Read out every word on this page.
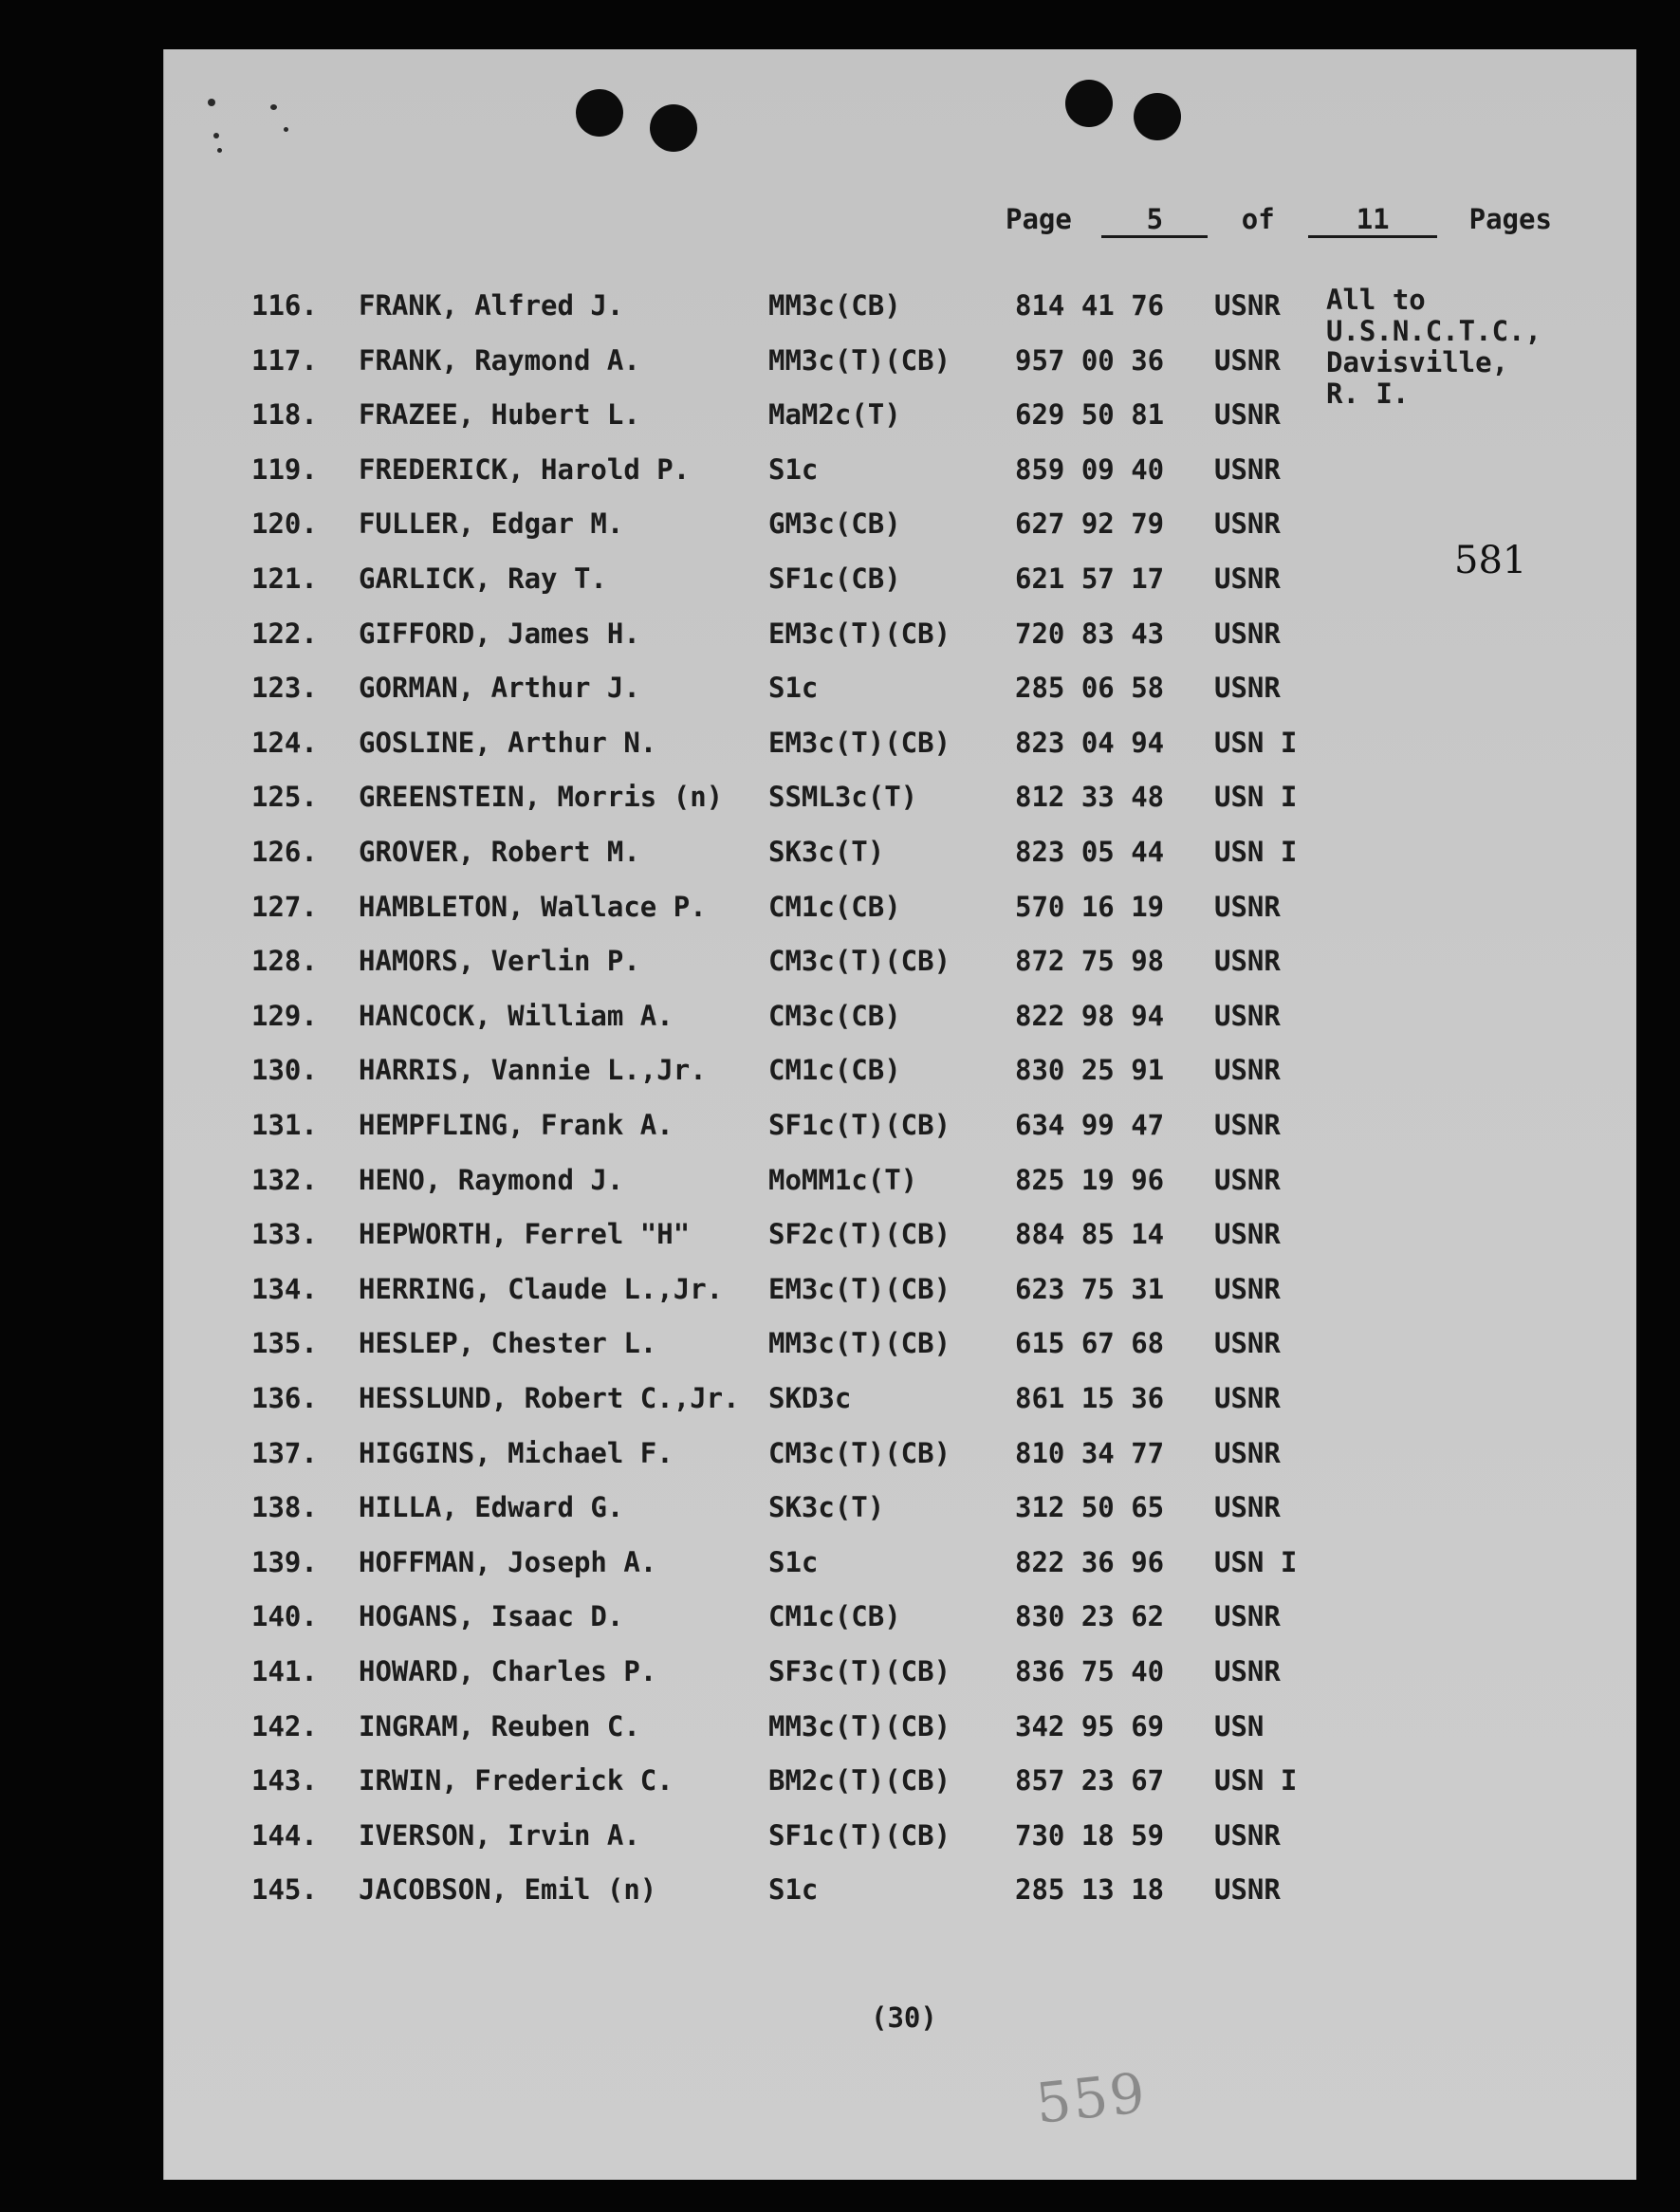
Page	5	of	11	Pages
116. FRANK, Alfred J.	MM3c(CB)	814 41 76 USNR
117. FRANK, Raymond A.	MM3c(T)(CB) 957 00 36 USNR
118. FRAZEE, Hubert L.	MaM2c(T)	629 50 81 USNR
119. FREDERICK, Harold P.	S1c	859 09 40 USNR
120. FULLER, Edgar M.	GM3c(CB)	627 92 79 USNR
121. GARLICK, Ray T.	SF1c(CB)	621 57 17 USNR
122. GIFFORD, James H.	EM3c(T)(CB) 720 83 43 USNR
123. GORMAN, Arthur J.	S1c	285 06 58 USNR
124. GOSLINE, Arthur N.	EM3c(T)(CB) 823 04 94 USN I
125. GREENSTEIN, Morris (n) SSML3c(T)	812 33 48 USN I
126. GROVER, Robert M.	SK3c(T)	823 05 44 USN I
127. HAMBLETON, Wallace P. CM1c(CB)	570 16 19 USNR
128. HAMORS, Verlin P.	CM3c(T)(CB) 872 75 98 USNR
129. HANCOCK, William A.	CM3c(CB)	822 98 94 USNR
130. HARRIS, Vannie L.,Jr. CM1c(CB)	830 25 91 USNR
131. HEMPFLING, Frank A.	SF1c(T)(CB) 634 99 47 USNR
132. HENO, Raymond J.	MoMM1c(T)	825 19 96 USNR
133. HEPWORTH, Ferrel "H"	SF2c(T)(CB) 884 85 14 USNR
134. HERRING, Claude L.,Jr. EM3c(T)(CB) 623 75 31 USNR
135. HESLEP, Chester L.	MM3c(T)(CB) 615 67 68 USNR
136. HESSLUND, Robert C.,Jr. SKD3c	861 15 36 USNR
137. HIGGINS, Michael F.	CM3c(T)(CB) 810 34 77 USNR
138. HILLA, Edward G.	SK3c(T)	312 50 65 USNR
139. HOFFMAN, Joseph A.	S1c	822 36 96 USN I
140. HOGANS, Isaac D.	CM1c(CB)	830 23 62 USNR
141. HOWARD, Charles P.	SF3c(T)(CB) 836 75 40 USNR
142. INGRAM, Reuben C.	MM3c(T)(CB) 342 95 69 USN
143. IRWIN, Frederick C.	BM2c(T)(CB) 857 23 67 USN I
144. IVERSON, Irvin A.	SF1c(T)(CB) 730 18 59 USNR
145. JACOBSON, Emil (n)	S1c	285 13 18 USNR
All to
U.S.N.C.T.C.,
Davisville,
R. I.
581
(30)
559
